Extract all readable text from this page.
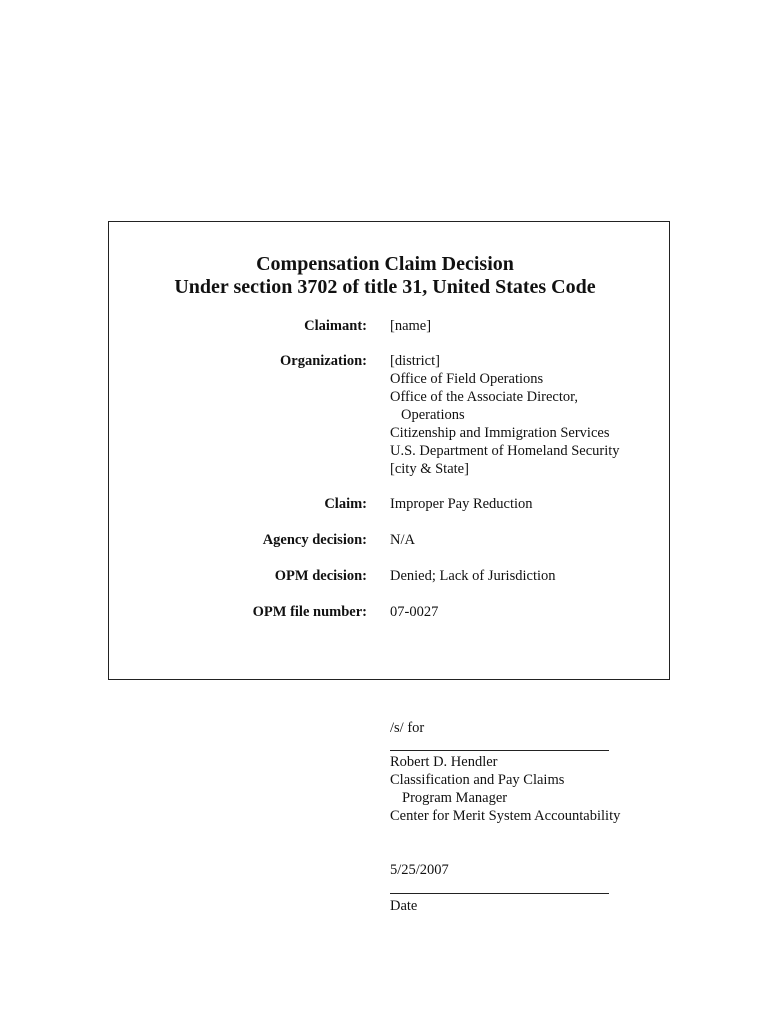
Compensation Claim Decision
Under section 3702 of title 31, United States Code
Claimant: [name]
Organization: [district]
Office of Field Operations
Office of the Associate Director,
Operations
Citizenship and Immigration Services
U.S. Department of Homeland Security
[city & State]
Claim: Improper Pay Reduction
Agency decision: N/A
OPM decision: Denied; Lack of Jurisdiction
OPM file number: 07-0027
/s/ for
Robert D. Hendler
Classification and Pay Claims
Program Manager
Center for Merit System Accountability
5/25/2007
Date
